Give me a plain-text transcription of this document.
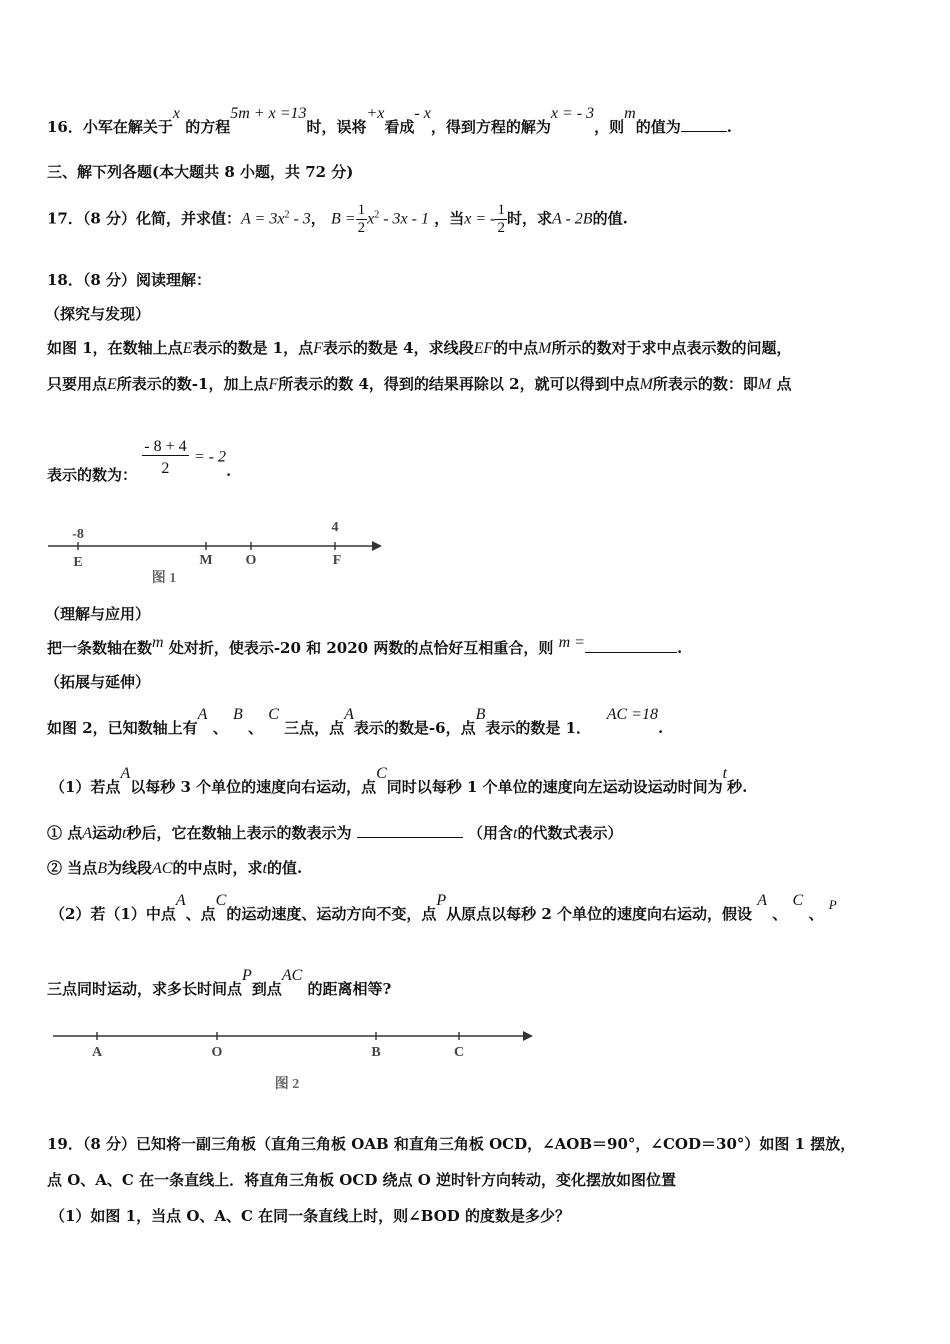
16．小军在解关于x 的方程5m + x =13时，误将+x看成- x，得到方程的解为x = - 3，则m的值为	.
三、解下列各题(本大题共 8 小题，共 72 分)
17．（8 分）化简，并求值：$A = 3x^2 - 3$， $B = \frac{1}{2} x^2 - 3x - 1$ ，当x = - $\frac{1}{2}$ 时，求A - 2B的值.
18．（8 分）阅读理解：
（探究与发现）
如图 1，在数轴上点E表示的数是 1，点F表示的数是 4，求线段EF的中点M所示的数对于求中点表示数的问题，
只要用点E所表示的数-1，加上点F所表示的数 4，得到的结果再除以 2，就可以得到中点M所表示的数：即M 点
表示的数为： $\frac{- 8 + 4}{2}$ = - 2.
-8	4
E	M O	F
图 1
（理解与应用）
把一条数轴在数m 处对折，使表示-20 和 2020 两数的点恰好互相重合，则 m =	.
（拓展与延伸）
如图 2，已知数轴上有A 、 B 、 C 三点，点A表示的数是-6，点B表示的数是 1．   AC =18.
（1）若点A以每秒 3 个单位的速度向右运动，点C同时以每秒 1 个单位的速度向左运动设运动时间为t秒.
① 点A运动t秒后，它在数轴上表示的数表示为	（用含t的代数式表示）
② 当点B为线段AC的中点时，求t的值.
（2）若（1）中点A、点C的运动速度、运动方向不变，点P从原点以每秒 2 个单位的速度向右运动，假设 A 、 C 、 P
三点同时运动，求多长时间点P到点AC 的距离相等?
A	O	B	C
图 2
19．（8 分）已知将一副三角板（直角三角板 OAB 和直角三角板 OCD，∠AOB＝90°，∠COD＝30°）如图 1 摆放，
点 O、A、C 在一条直线上．将直角三角板 OCD 绕点 O 逆时针方向转动，变化摆放如图位置
（1）如图 1，当点 O、A、C 在同一条直线上时，则∠BOD 的度数是多少？
